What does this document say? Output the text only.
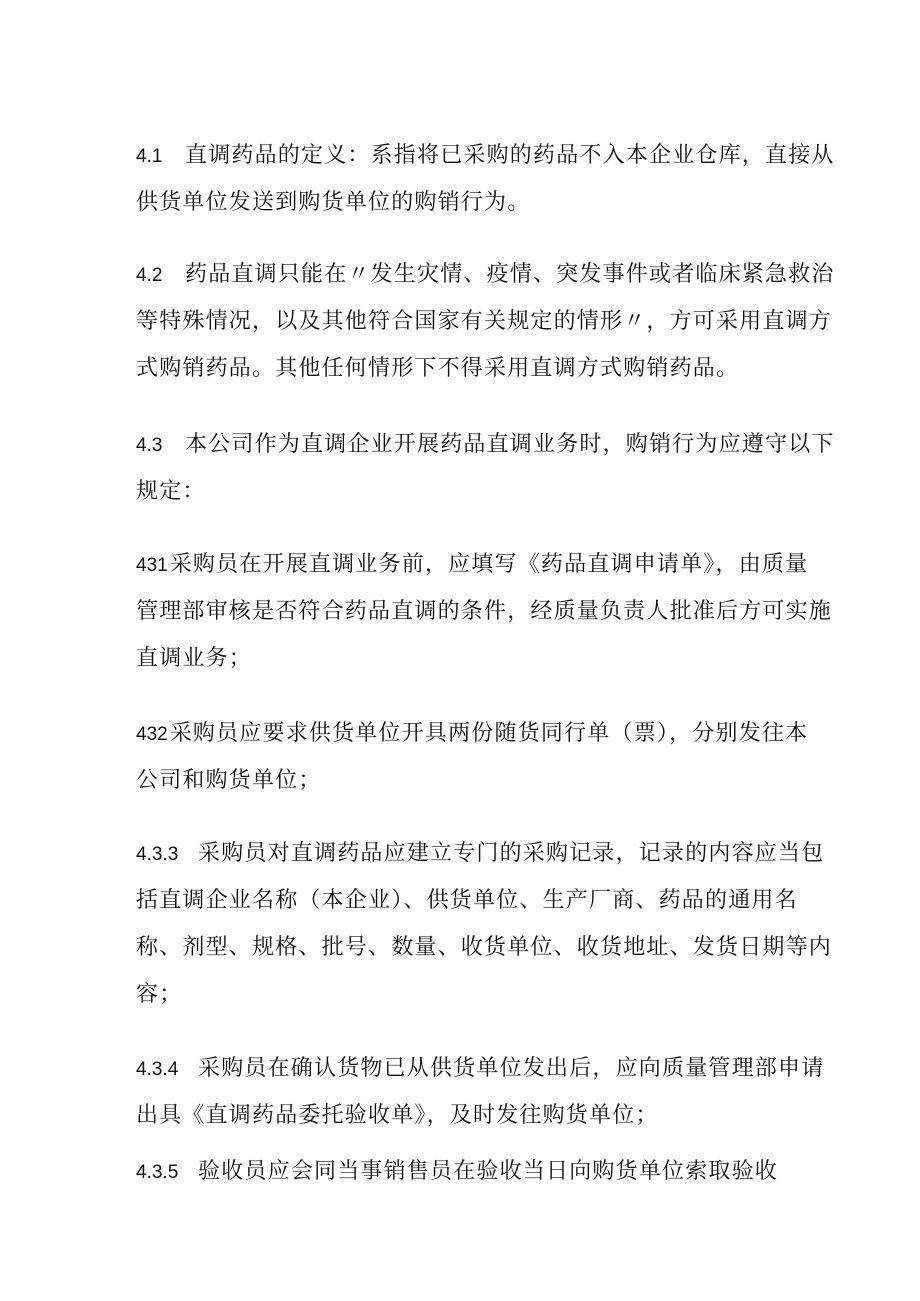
4.1 直调药品的定义：系指将已采购的药品不入本企业仓库，直接从
供货单位发送到购货单位的购销行为。
4.2 药品直调只能在〃发生灾情、疫情、突发事件或者临床紧急救治
等特殊情况，以及其他符合国家有关规定的情形〃，方可采用直调方
式购销药品。其他任何情形下不得采用直调方式购销药品。
4.3 本公司作为直调企业开展药品直调业务时，购销行为应遵守以下
规定：
431采购员在开展直调业务前，应填写《药品直调申请单》，由质量
管理部审核是否符合药品直调的条件，经质量负责人批准后方可实施
直调业务；
432采购员应要求供货单位开具两份随货同行单（票），分别发往本
公司和购货单位；
4.3.3 采购员对直调药品应建立专门的采购记录，记录的内容应当包
括直调企业名称（本企业）、供货单位、生产厂商、药品的通用名
称、剂型、规格、批号、数量、收货单位、收货地址、发货日期等内
容；
4.3.4 采购员在确认货物已从供货单位发出后，应向质量管理部申请
出具《直调药品委托验收单》，及时发往购货单位；
4.3.5 验收员应会同当事销售员在验收当日向购货单位索取验收
